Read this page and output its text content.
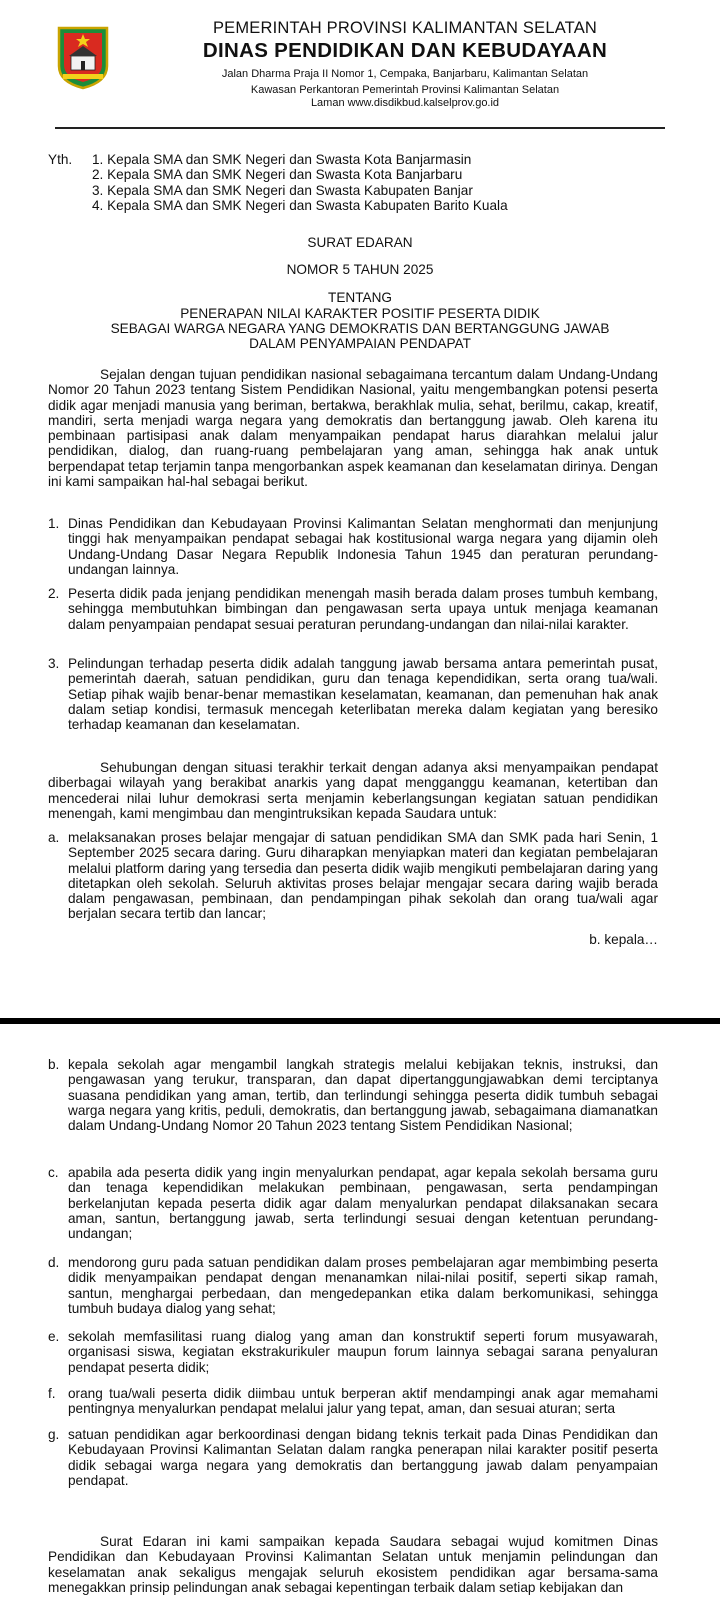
PEMERINTAH PROVINSI KALIMANTAN SELATAN
DINAS PENDIDIKAN DAN KEBUDAYAAN
Jalan Dharma Praja II Nomor 1, Cempaka, Banjarbaru, Kalimantan Selatan
Kawasan Perkantoran Pemerintah Provinsi Kalimantan Selatan
Laman www.disdikbud.kalselprov.go.id
Yth. 1. Kepala SMA dan SMK Negeri dan Swasta Kota Banjarmasin
2. Kepala SMA dan SMK Negeri dan Swasta Kota Banjarbaru
3. Kepala SMA dan SMK Negeri dan Swasta Kabupaten Banjar
4. Kepala SMA dan SMK Negeri dan Swasta Kabupaten Barito Kuala
SURAT EDARAN
NOMOR 5 TAHUN 2025
TENTANG
PENERAPAN NILAI KARAKTER POSITIF PESERTA DIDIK
SEBAGAI WARGA NEGARA YANG DEMOKRATIS DAN BERTANGGUNG JAWAB
DALAM PENYAMPAIAN PENDAPAT

Sejalan dengan tujuan pendidikan nasional sebagaimana tercantum dalam Undang-Undang Nomor 20 Tahun 2023 tentang Sistem Pendidikan Nasional, yaitu mengembangkan potensi peserta didik agar menjadi manusia yang beriman, bertakwa, berakhlak mulia, sehat, berilmu, cakap, kreatif, mandiri, serta menjadi warga negara yang demokratis dan bertanggung jawab. Oleh karena itu pembinaan partisipasi anak dalam menyampaikan pendapat harus diarahkan melalui jalur pendidikan, dialog, dan ruang-ruang pembelajaran yang aman, sehingga hak anak untuk berpendapat tetap terjamin tanpa mengorbankan aspek keamanan dan keselamatan dirinya. Dengan ini kami sampaikan hal-hal sebagai berikut.

1. Dinas Pendidikan dan Kebudayaan Provinsi Kalimantan Selatan menghormati dan menjunjung tinggi hak menyampaikan pendapat sebagai hak kostitusional warga negara yang dijamin oleh Undang-Undang Dasar Negara Republik Indonesia Tahun 1945 dan peraturan perundang-undangan lainnya.
2. Peserta didik pada jenjang pendidikan menengah masih berada dalam proses tumbuh kembang, sehingga membutuhkan bimbingan dan pengawasan serta upaya untuk menjaga keamanan dalam penyampaian pendapat sesuai peraturan perundang-undangan dan nilai-nilai karakter.
3. Pelindungan terhadap peserta didik adalah tanggung jawab bersama antara pemerintah pusat, pemerintah daerah, satuan pendidikan, guru dan tenaga kependidikan, serta orang tua/wali. Setiap pihak wajib benar-benar memastikan keselamatan, keamanan, dan pemenuhan hak anak dalam setiap kondisi, termasuk mencegah keterlibatan mereka dalam kegiatan yang beresiko terhadap keamanan dan keselamatan.

Sehubungan dengan situasi terakhir terkait dengan adanya aksi menyampaikan pendapat diberbagai wilayah yang berakibat anarkis yang dapat mengganggu keamanan, ketertiban dan mencederai nilai luhur demokrasi serta menjamin keberlangsungan kegiatan satuan pendidikan menengah, kami mengimbau dan mengintruksikan kepada Saudara untuk:

a. melaksanakan proses belajar mengajar di satuan pendidikan SMA dan SMK pada hari Senin, 1 September 2025 secara daring. Guru diharapkan menyiapkan materi dan kegiatan pembelajaran melalui platform daring yang tersedia dan peserta didik wajib mengikuti pembelajaran daring yang ditetapkan oleh sekolah. Seluruh aktivitas proses belajar mengajar secara daring wajib berada dalam pengawasan, pembinaan, dan pendampingan pihak sekolah dan orang tua/wali agar berjalan secara tertib dan lancar;
b. kepala…
b. kepala sekolah agar mengambil langkah strategis melalui kebijakan teknis, instruksi, dan pengawasan yang terukur, transparan, dan dapat dipertanggungjawabkan demi terciptanya suasana pendidikan yang aman, tertib, dan terlindungi sehingga peserta didik tumbuh sebagai warga negara yang kritis, peduli, demokratis, dan bertanggung jawab, sebagaimana diamanatkan dalam Undang-Undang Nomor 20 Tahun 2023 tentang Sistem Pendidikan Nasional;
c. apabila ada peserta didik yang ingin menyalurkan pendapat, agar kepala sekolah bersama guru dan tenaga kependidikan melakukan pembinaan, pengawasan, serta pendampingan berkelanjutan kepada peserta didik agar dalam menyalurkan pendapat dilaksanakan secara aman, santun, bertanggung jawab, serta terlindungi sesuai dengan ketentuan perundang-undangan;
d. mendorong guru pada satuan pendidikan dalam proses pembelajaran agar membimbing peserta didik menyampaikan pendapat dengan menanamkan nilai-nilai positif, seperti sikap ramah, santun, menghargai perbedaan, dan mengedepankan etika dalam berkomunikasi, sehingga tumbuh budaya dialog yang sehat;
e. sekolah memfasilitasi ruang dialog yang aman dan konstruktif seperti forum musyawarah, organisasi siswa, kegiatan ekstrakurikuler maupun forum lainnya sebagai sarana penyaluran pendapat peserta didik;
f. orang tua/wali peserta didik diimbau untuk berperan aktif mendampingi anak agar memahami pentingnya menyalurkan pendapat melalui jalur yang tepat, aman, dan sesuai aturan; serta
g. satuan pendidikan agar berkoordinasi dengan bidang teknis terkait pada Dinas Pendidikan dan Kebudayaan Provinsi Kalimantan Selatan dalam rangka penerapan nilai karakter positif peserta didik sebagai warga negara yang demokratis dan bertanggung jawab dalam penyampaian pendapat.

Surat Edaran ini kami sampaikan kepada Saudara sebagai wujud komitmen Dinas Pendidikan dan Kebudayaan Provinsi Kalimantan Selatan untuk menjamin pelindungan dan keselamatan anak sekaligus mengajak seluruh ekosistem pendidikan agar bersama-sama menegakkan prinsip pelindungan anak sebagai kepentingan terbaik dalam setiap kebijakan dan
